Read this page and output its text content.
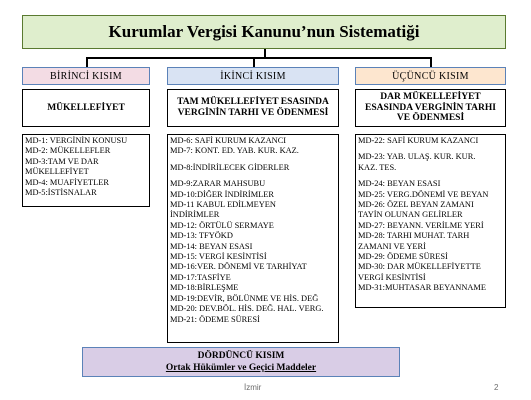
Kurumlar Vergisi Kanunu’nun Sistematiği
BİRİNCİ KISIM	İKİNCİ KISIM	ÜÇÜNCÜ KISIM
MÜKELLEFİYET
TAM MÜKELLEFİYET ESASINDA
VERGİNİN TARHI VE ÖDENMESİ
DAR MÜKELLEFİYET
ESASINDA VERGİNİN TARHI
VE ÖDENMESİ
MD-1: VERGİNİN KONUSU
MD-2: MÜKELLEFLER
MD-3:TAM VE DAR
MÜKELLEFİYET
MD-4: MUAFİYETLER
MD-5:İSTİSNALAR
MD-6: SAFİ KURUM KAZANCI
MD-7: KONT. ED. YAB. KUR. KAZ.
MD-8:İNDİRİLECEK GİDERLER
MD-9:ZARAR MAHSUBU
MD-10:DİĞER İNDİRİMLER
MD-11 KABUL EDİLMEYEN
İNDİRİMLER
MD-12: ÖRTÜLÜ SERMAYE
MD-13: TFYÖKD
MD-14: BEYAN ESASI
MD-15: VERGİ KESİNTİSİ
MD-16:VER. DÖNEMİ VE TARHİYAT
MD-17:TASFİYE
MD-18:BİRLEŞME
MD-19:DEVİR, BÖLÜNME VE HİS. DEĞ
MD-20: DEV.BÖL. HİS. DEĞ. HAL. VERG.
MD-21: ÖDEME SÜRESİ
MD-22: SAFİ KURUM KAZANCI
MD-23: YAB. ULAŞ. KUR. KUR.
KAZ. TES.
MD-24: BEYAN ESASI
MD-25: VERG.DÖNEMİ VE BEYAN
MD-26: ÖZEL BEYAN ZAMANI
TAYİN OLUNAN GELİRLER
MD-27: BEYANN. VERİLME YERİ
MD-28: TARHI MUHAT. TARH
ZAMANI VE YERİ
MD-29: ÖDEME SÜRESİ
MD-30: DAR MÜKELLEFİYETTE
VERGİ KESİNTİSİ
MD-31:MUHTASAR BEYANNAME
DÖRDÜNCÜ KISIM
Ortak Hükümler ve Geçici Maddeler
İzmir	2
